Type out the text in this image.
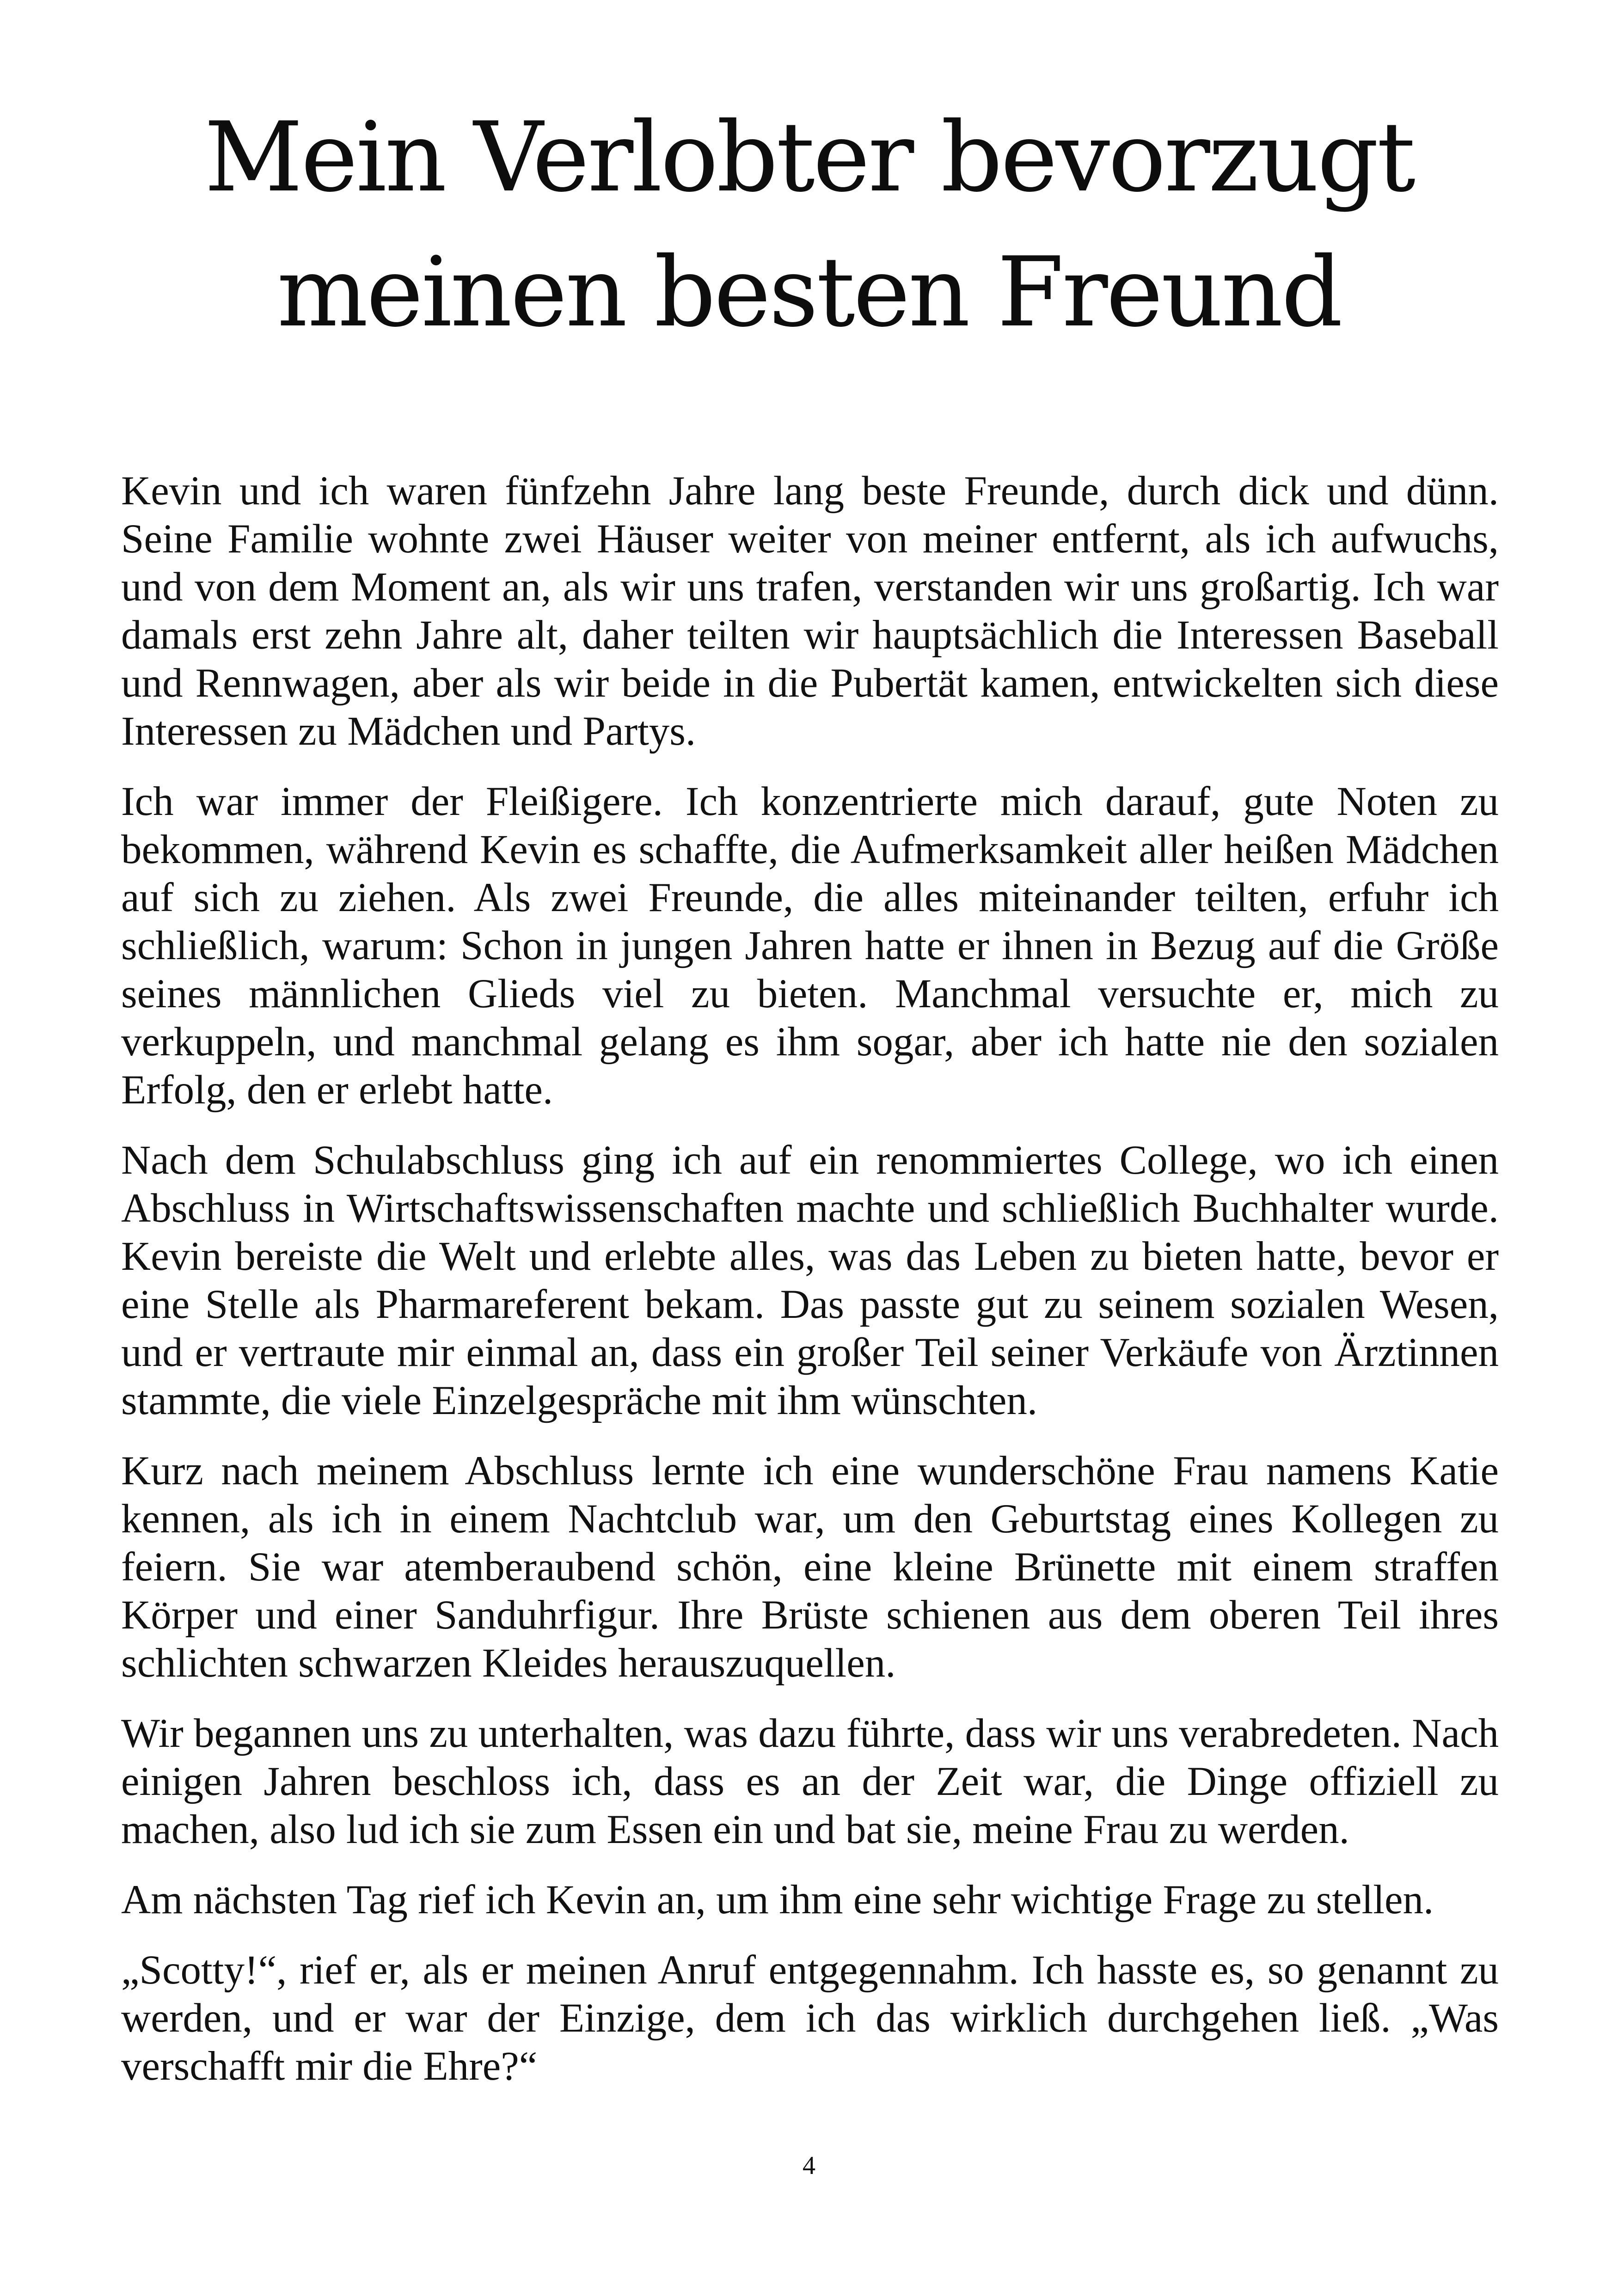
Mein Verlobter bevorzugt
meinen besten Freund

Kevin und ich waren fünfzehn Jahre lang beste Freunde, durch dick und dünn. Seine Familie wohnte zwei Häuser weiter von meiner entfernt, als ich aufwuchs, und von dem Moment an, als wir uns trafen, verstanden wir uns großartig. Ich war damals erst zehn Jahre alt, daher teilten wir hauptsächlich die Interessen Baseball und Rennwagen, aber als wir beide in die Pubertät kamen, entwickelten sich diese Interessen zu Mädchen und Partys.

Ich war immer der Fleißigere. Ich konzentrierte mich darauf, gute Noten zu bekommen, während Kevin es schaffte, die Aufmerksamkeit aller heißen Mädchen auf sich zu ziehen. Als zwei Freunde, die alles miteinander teilten, erfuhr ich schließlich, warum: Schon in jungen Jahren hatte er ihnen in Bezug auf die Größe seines männlichen Glieds viel zu bieten. Manchmal versuchte er, mich zu verkuppeln, und manchmal gelang es ihm sogar, aber ich hatte nie den sozialen Erfolg, den er erlebt hatte.

Nach dem Schulabschluss ging ich auf ein renommiertes College, wo ich einen Abschluss in Wirtschaftswissenschaften machte und schließlich Buchhalter wurde. Kevin bereiste die Welt und erlebte alles, was das Leben zu bieten hatte, bevor er eine Stelle als Pharmareferent bekam. Das passte gut zu seinem sozialen Wesen, und er vertraute mir einmal an, dass ein großer Teil seiner Verkäufe von Ärztinnen stammte, die viele Einzelgespräche mit ihm wünschten.

Kurz nach meinem Abschluss lernte ich eine wunderschöne Frau namens Katie kennen, als ich in einem Nachtclub war, um den Geburtstag eines Kollegen zu feiern. Sie war atemberaubend schön, eine kleine Brünette mit einem straffen Körper und einer Sanduhrfigur. Ihre Brüste schienen aus dem oberen Teil ihres schlichten schwarzen Kleides herauszuquellen.

Wir begannen uns zu unterhalten, was dazu führte, dass wir uns verabredeten. Nach einigen Jahren beschloss ich, dass es an der Zeit war, die Dinge offiziell zu machen, also lud ich sie zum Essen ein und bat sie, meine Frau zu werden.

Am nächsten Tag rief ich Kevin an, um ihm eine sehr wichtige Frage zu stellen.

„Scotty!“, rief er, als er meinen Anruf entgegennahm. Ich hasste es, so genannt zu werden, und er war der Einzige, dem ich das wirklich durchgehen ließ. „Was verschafft mir die Ehre?“

4
